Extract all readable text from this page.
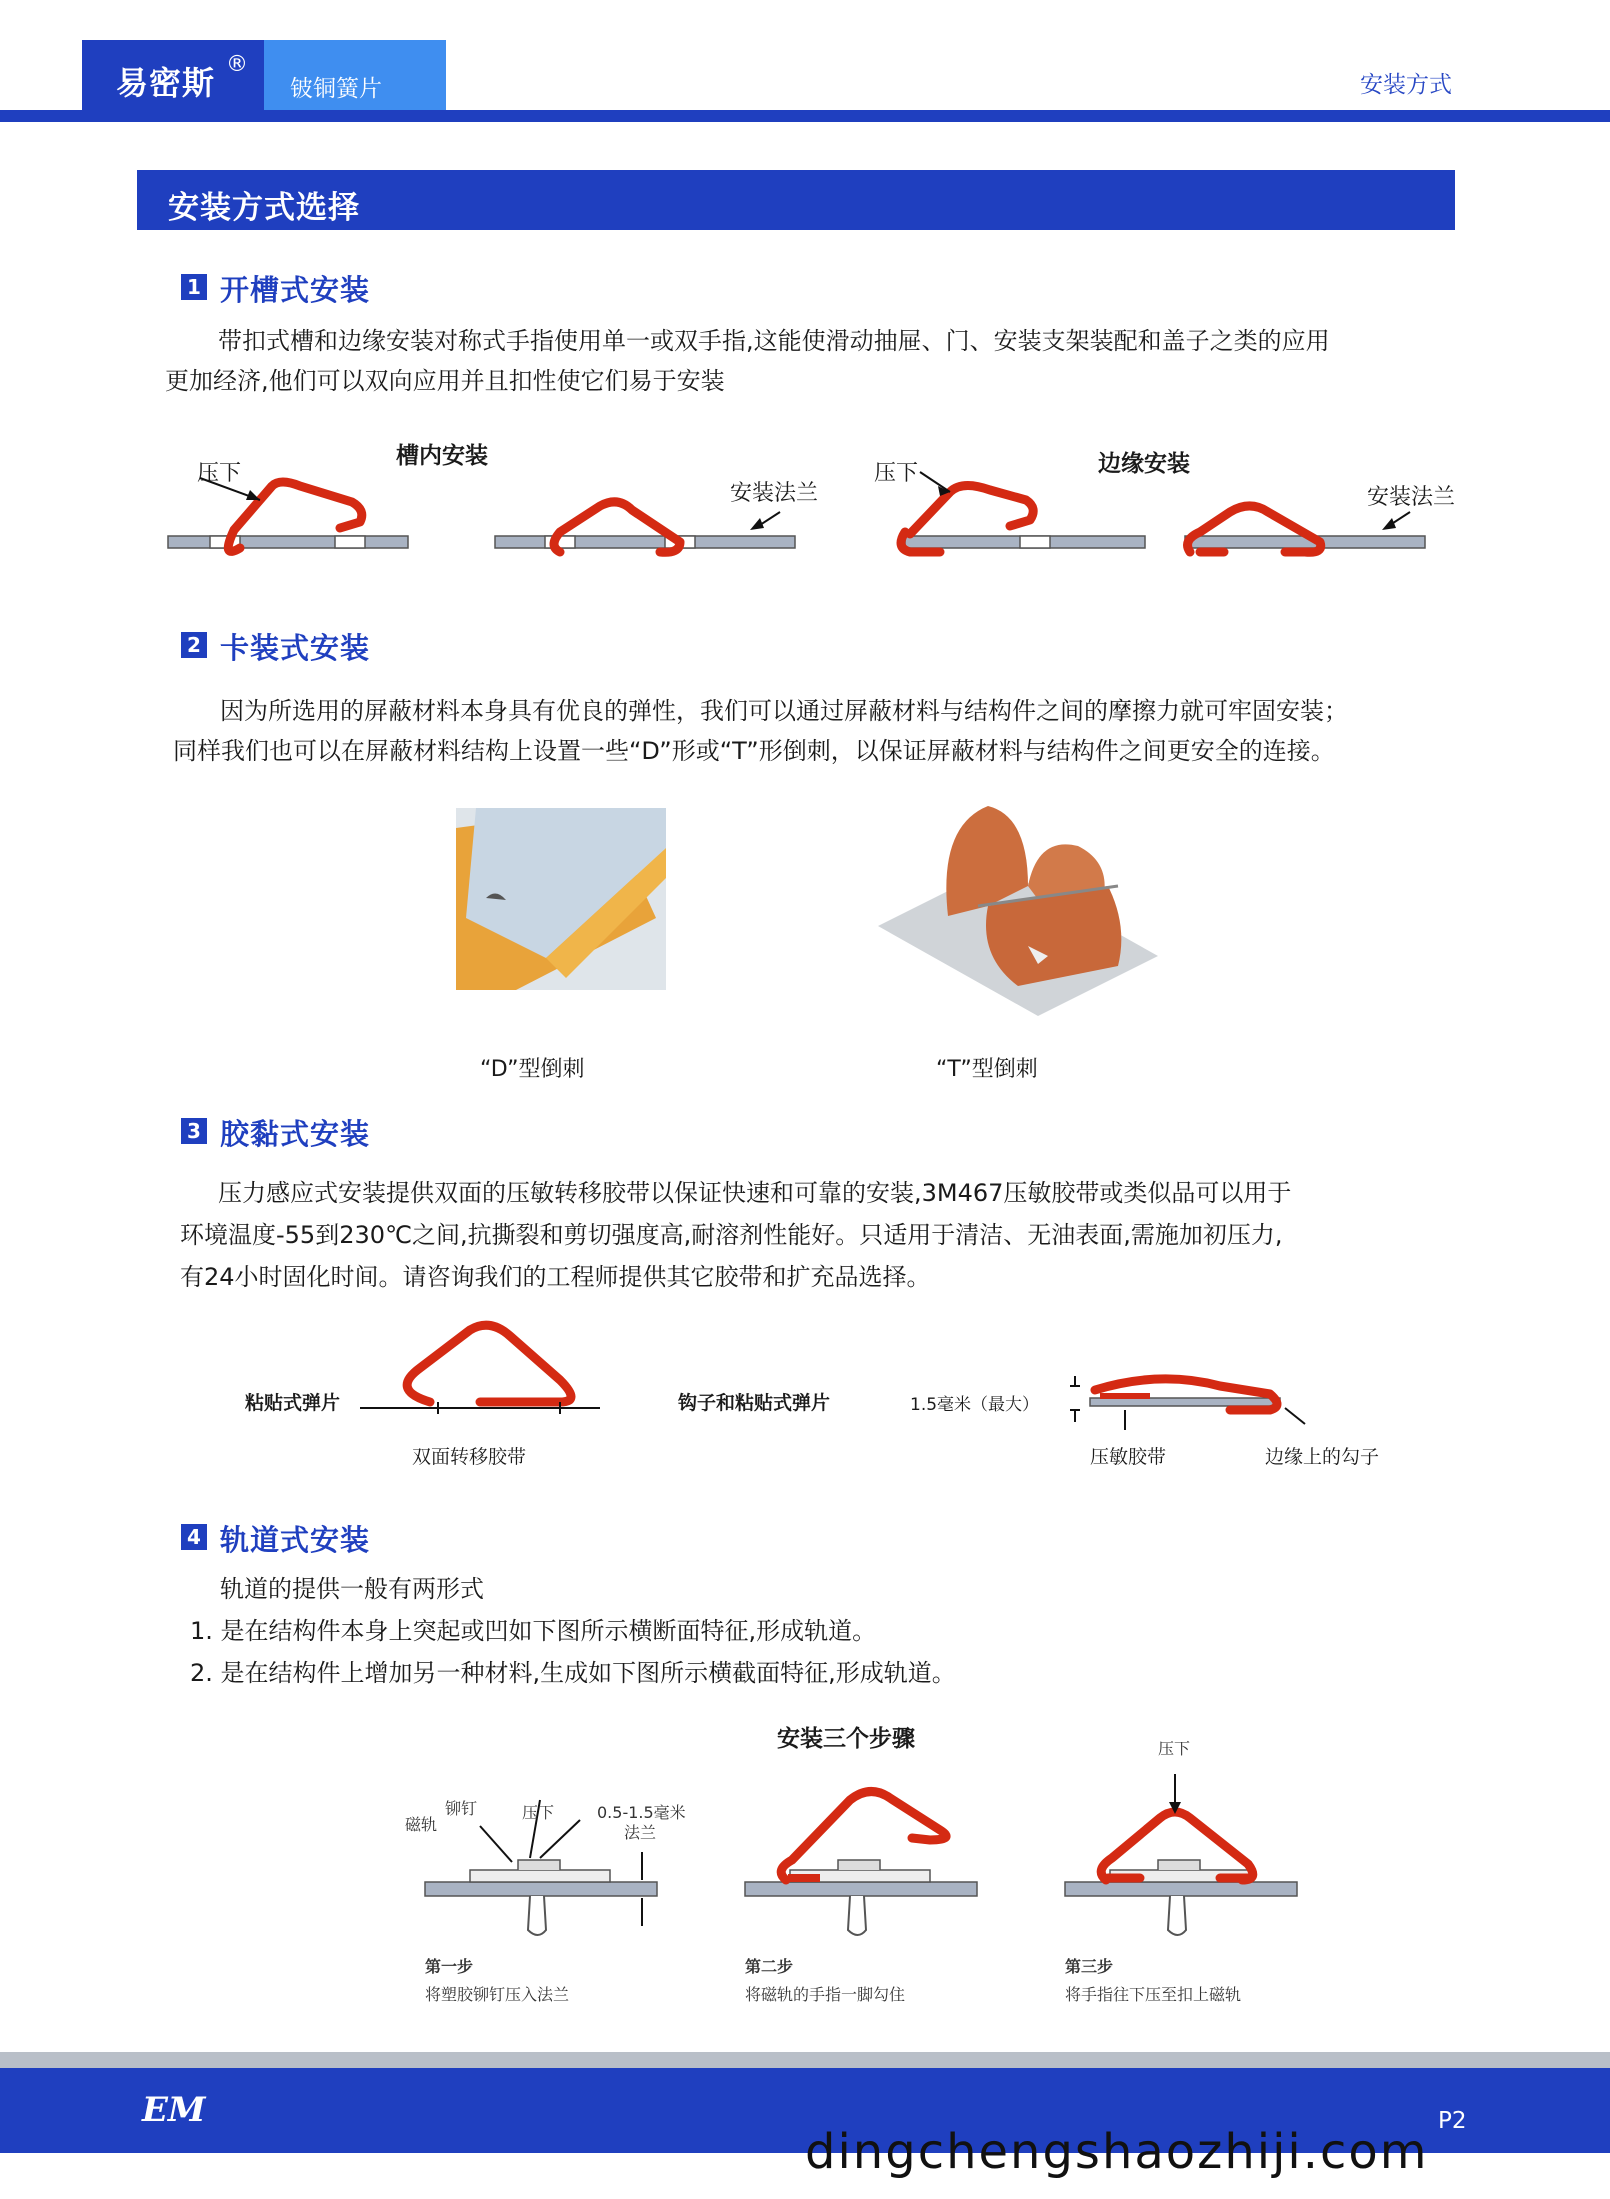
易密斯 ®
铍铜簧片	安装方式
安装方式选择
1 开槽式安装
带扣式槽和边缘安装对称式手指使用单一或双手指,这能使滑动抽屉、门、安装支架装配和盖子之类的应用
更加经济,他们可以双向应用并且扣性使它们易于安装
槽内安装	边缘安装
压下	压下
安装法兰	安装法兰
2 卡装式安装
因为所选用的屏蔽材料本身具有优良的弹性，我们可以通过屏蔽材料与结构件之间的摩擦力就可牢固安装；
同样我们也可以在屏蔽材料结构上设置一些“D”形或“T”形倒刺，以保证屏蔽材料与结构件之间更安全的连接。
“D”型倒刺	“T”型倒刺
3 胶黏式安装
压力感应式安装提供双面的压敏转移胶带以保证快速和可靠的安装,3M467压敏胶带或类似品可以用于
环境温度-55到230℃之间,抗撕裂和剪切强度高,耐溶剂性能好。只适用于清洁、无油表面,需施加初压力,
有24小时固化时间。请咨询我们的工程师提供其它胶带和扩充品选择。
粘贴式弹片
双面转移胶带
钩子和粘贴式弹片	1.5毫米（最大）
压敏胶带	边缘上的勾子
4 轨道式安装
轨道的提供一般有两形式
1. 是在结构件本身上突起或凹如下图所示横断面特征,形成轨道。
2. 是在结构件上增加另一种材料,生成如下图所示横截面特征,形成轨道。
安装三个步骤
铆钉
磁轨
压下	0.5-1.5毫米
法兰
压下
第一步
将塑胶铆钉压入法兰
第二步
将磁轨的手指一脚勾住
第三步
将手指往下压至扣上磁轨
EM	P2
dingchengshaozhiji.com
